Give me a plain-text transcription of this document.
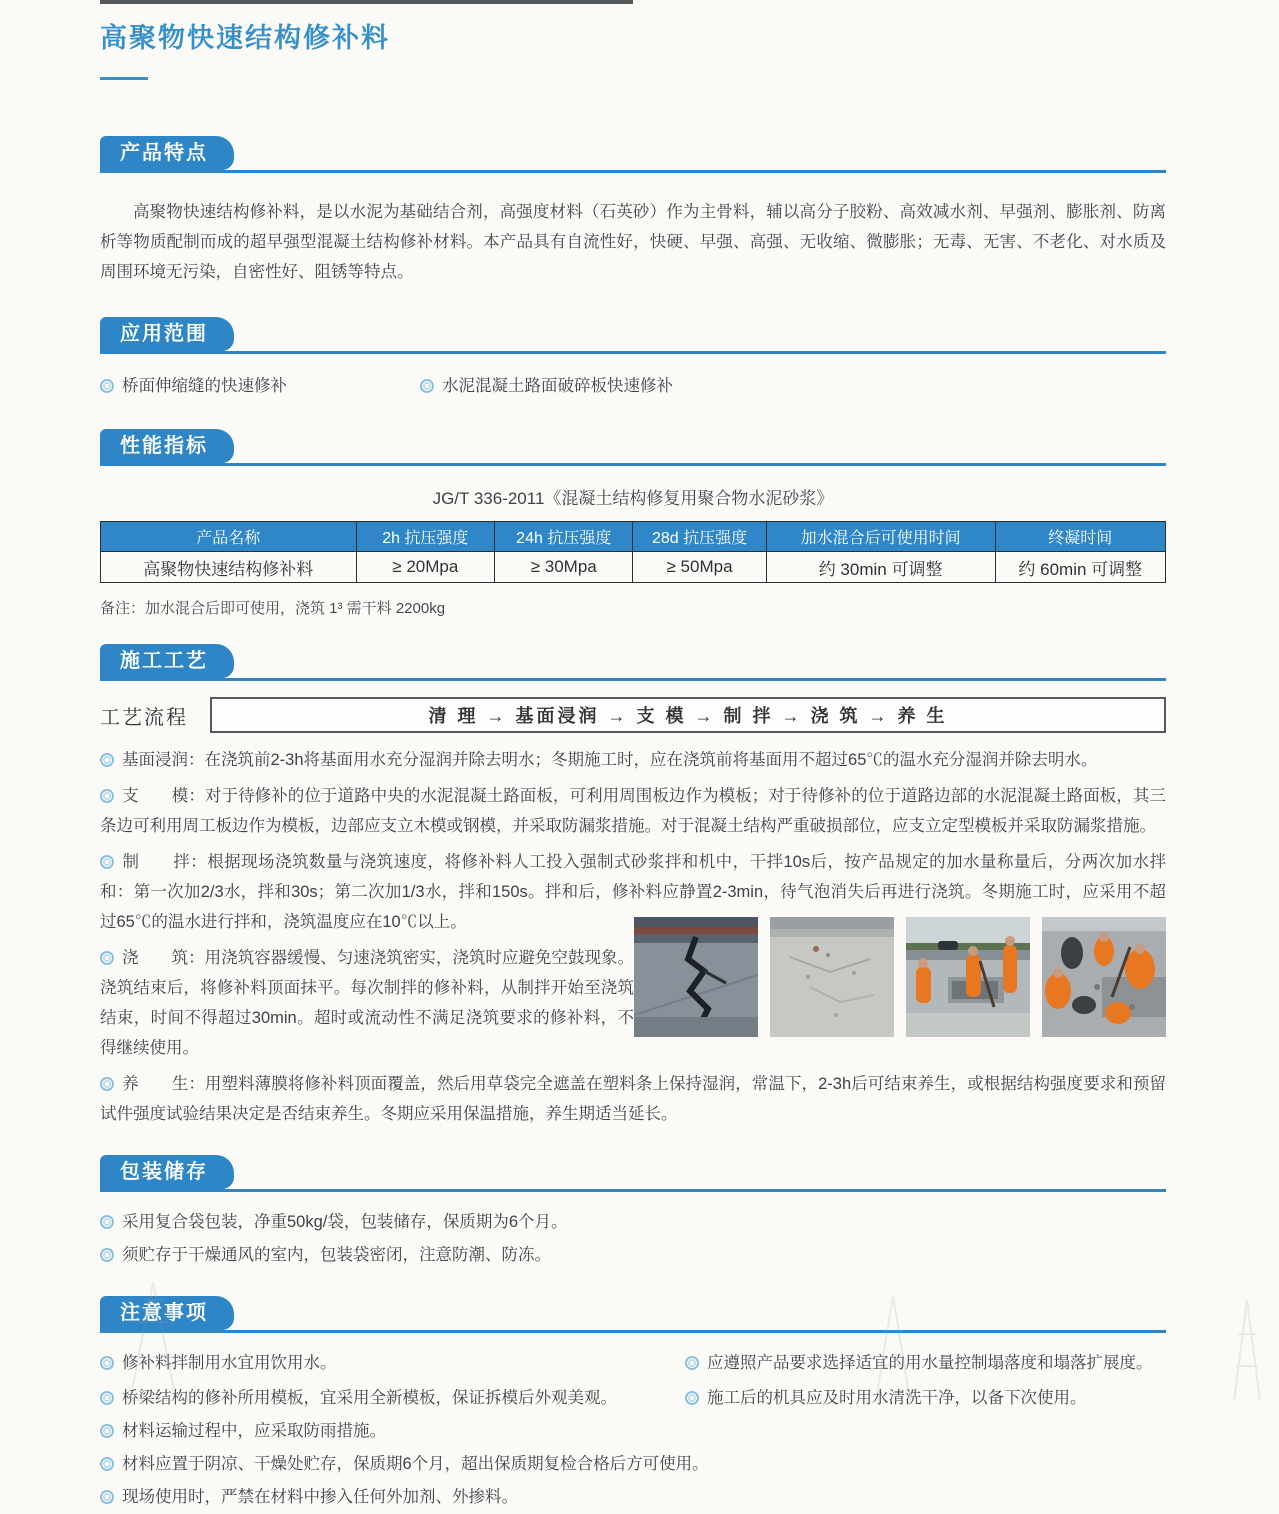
高聚物快速结构修补料
产品特点

高聚物快速结构修补料，是以水泥为基础结合剂，高强度材料（石英砂）作为主骨料，辅以高分子胶粉、高效减水剂、早强剂、膨胀剂、防离析等物质配制而成的超早强型混凝土结构修补材料。本产品具有自流性好，快硬、早强、高强、无收缩、微膨胀；无毒、无害、不老化、对水质及周围环境无污染，自密性好、阻锈等特点。

应用范围
桥面伸缩缝的快速修补	水泥混凝土路面破碎板快速修补
性能指标
JG/T 336-2011《混凝土结构修复用聚合物水泥砂浆》
产品名称	2h 抗压强度	24h 抗压强度	28d 抗压强度	加水混合后可使用时间	终凝时间
高聚物快速结构修补料	≥ 20Mpa	≥ 30Mpa	≥ 50Mpa	约 30min 可调整	约 60min 可调整
备注：加水混合后即可使用，浇筑 1³ 需干料 2200kg
施工工艺
工艺流程	清 理 → 基面浸润 → 支 模 → 制 拌 → 浇 筑 → 养 生

基面浸润：在浇筑前2-3h将基面用水充分湿润并除去明水；冬期施工时，应在浇筑前将基面用不超过65℃的温水充分湿润并除去明水。

支　　模：对于待修补的位于道路中央的水泥混凝土路面板，可利用周围板边作为模板；对于待修补的位于道路边部的水泥混凝土路面板，其三条边可利用周工板边作为模板，边部应支立木模或钢模，并采取防漏浆措施。对于混凝土结构严重破损部位，应支立定型模板并采取防漏浆措施。

制　　拌：根据现场浇筑数量与浇筑速度，将修补料人工投入强制式砂浆拌和机中，干拌10s后，按产品规定的加水量称量后，分两次加水拌和：第一次加2/3水，拌和30s；第二次加1/3水，拌和150s。拌和后，修补料应静置2-3min，待气泡消失后再进行浇筑。冬期施工时，应采用不超过65℃的温水进行拌和，浇筑温度应在10℃以上。

浇　　筑：用浇筑容器缓慢、匀速浇筑密实，浇筑时应避免空鼓现象。浇筑结束后，将修补料顶面抹平。每次制拌的修补料，从制拌开始至浇筑结束，时间不得超过30min。超时或流动性不满足浇筑要求的修补料，不得继续使用。

养　　生：用塑料薄膜将修补料顶面覆盖，然后用草袋完全遮盖在塑料条上保持湿润，常温下，2-3h后可结束养生，或根据结构强度要求和预留试件强度试验结果决定是否结束养生。冬期应采用保温措施，养生期适当延长。

包装储存
采用复合袋包装，净重50kg/袋，包装储存，保质期为6个月。
须贮存于干燥通风的室内，包装袋密闭，注意防潮、防冻。
注意事项
修补料拌制用水宜用饮用水。	应遵照产品要求选择适宜的用水量控制塌落度和塌落扩展度。
桥梁结构的修补所用模板，宜采用全新模板，保证拆模后外观美观。	施工后的机具应及时用水清洗干净，以备下次使用。
材料运输过程中，应采取防雨措施。
材料应置于阴凉、干燥处贮存，保质期6个月，超出保质期复检合格后方可使用。
现场使用时，严禁在材料中掺入任何外加剂、外掺料。
